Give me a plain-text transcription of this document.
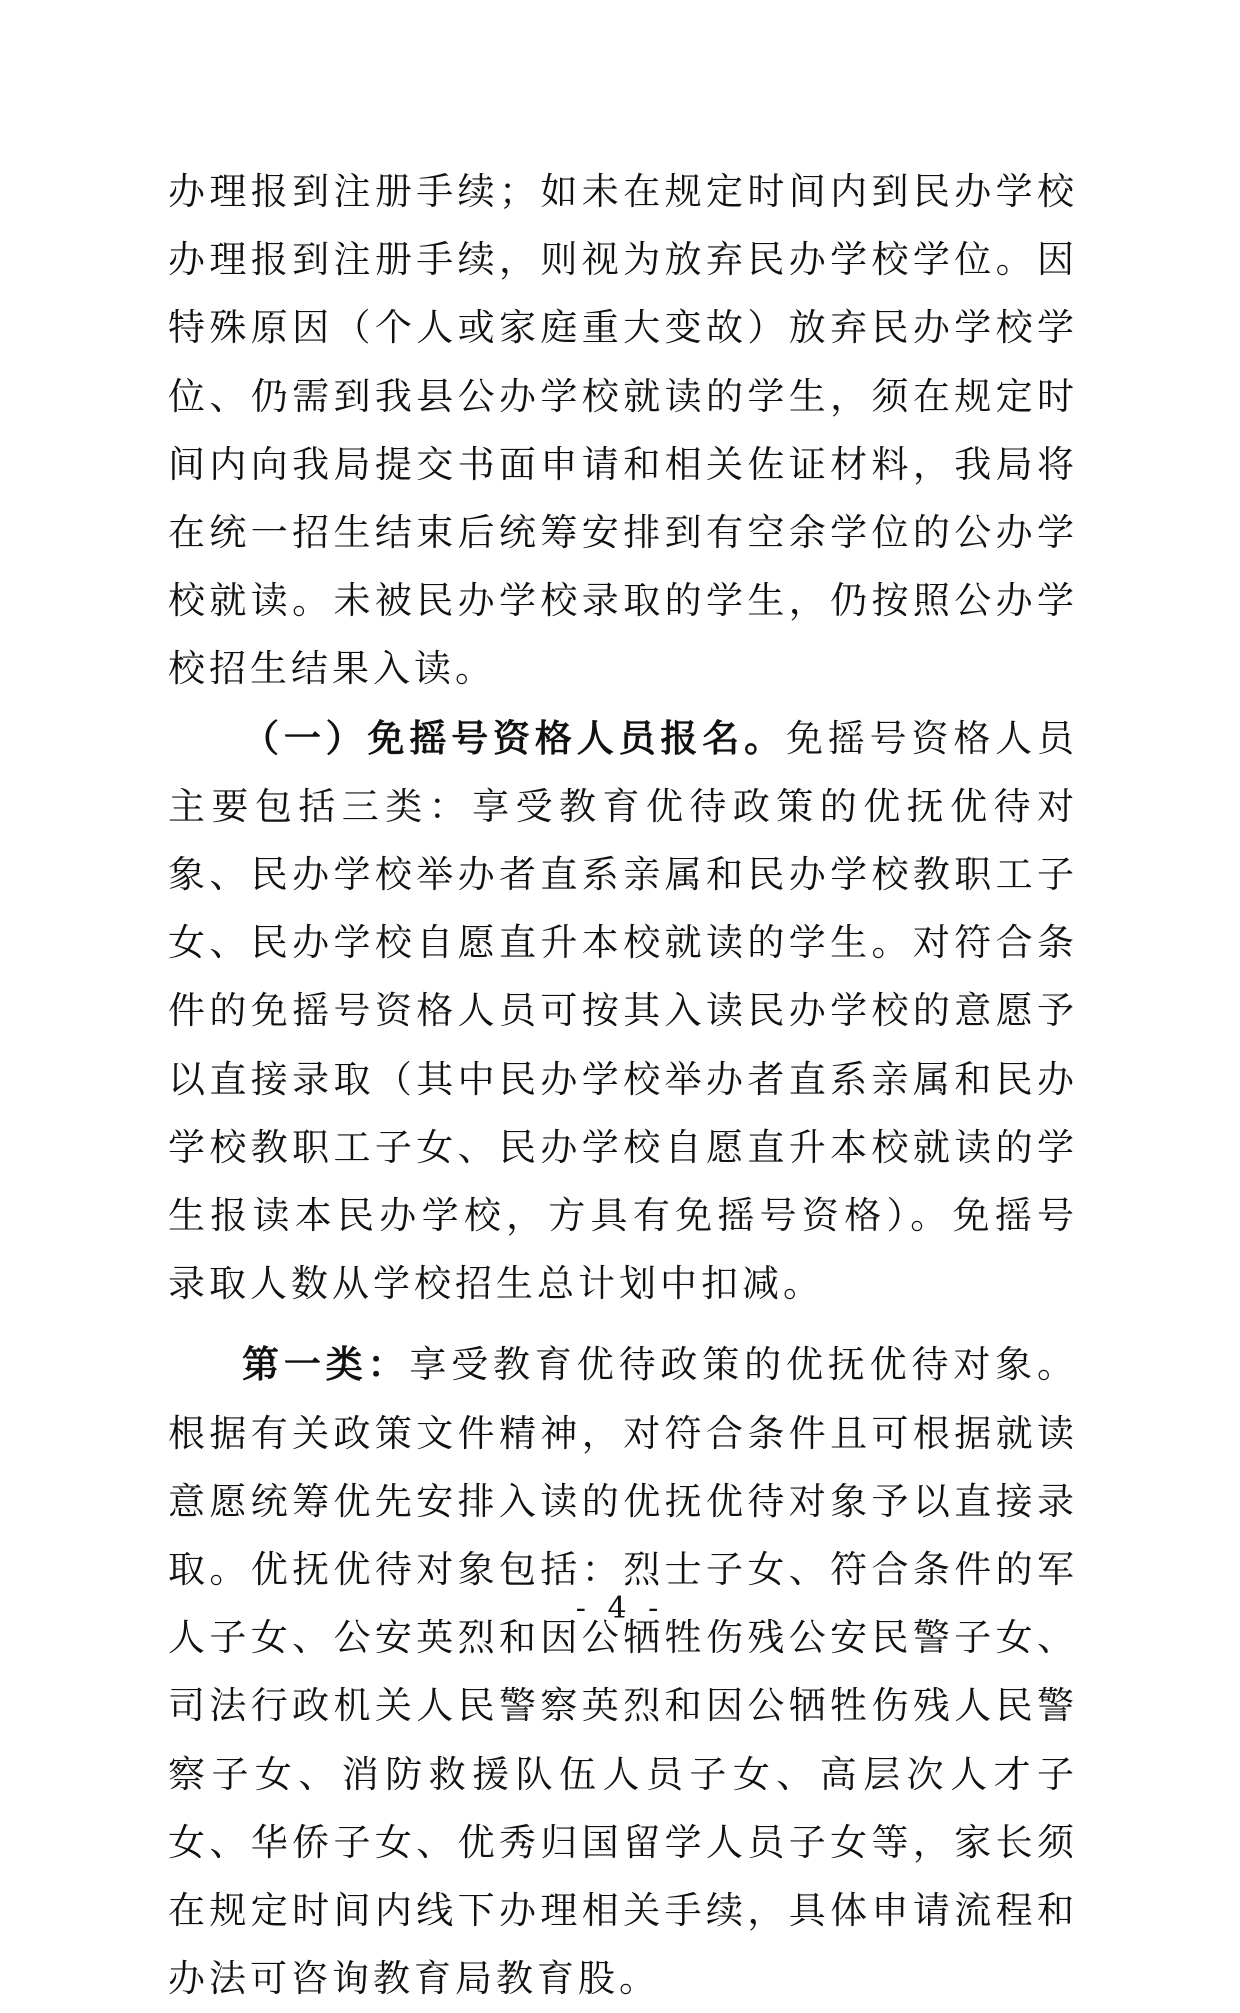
办理报到注册手续；如未在规定时间内到民办学校办理报到注册手续，则视为放弃民办学校学位。因特殊原因（个人或家庭重大变故）放弃民办学校学位、仍需到我县公办学校就读的学生，须在规定时间内向我局提交书面申请和相关佐证材料，我局将在统一招生结束后统筹安排到有空余学位的公办学校就读。未被民办学校录取的学生，仍按照公办学校招生结果入读。

（一）免摇号资格人员报名。免摇号资格人员主要包括三类：享受教育优待政策的优抚优待对象、民办学校举办者直系亲属和民办学校教职工子女、民办学校自愿直升本校就读的学生。对符合条件的免摇号资格人员可按其入读民办学校的意愿予以直接录取（其中民办学校举办者直系亲属和民办学校教职工子女、民办学校自愿直升本校就读的学生报读本民办学校，方具有免摇号资格）。免摇号录取人数从学校招生总计划中扣减。

第一类：享受教育优待政策的优抚优待对象。根据有关政策文件精神，对符合条件且可根据就读意愿统筹优先安排入读的优抚优待对象予以直接录取。优抚优待对象包括：烈士子女、符合条件的军人子女、公安英烈和因公牺牲伤残公安民警子女、司法行政机关人民警察英烈和因公牺牲伤残人民警察子女、消防救援队伍人员子女、高层次人才子女、华侨子女、优秀归国留学人员子女等，家长须在规定时间内线下办理相关手续，具体申请流程和办法可咨询教育局教育股。

- 4 -
